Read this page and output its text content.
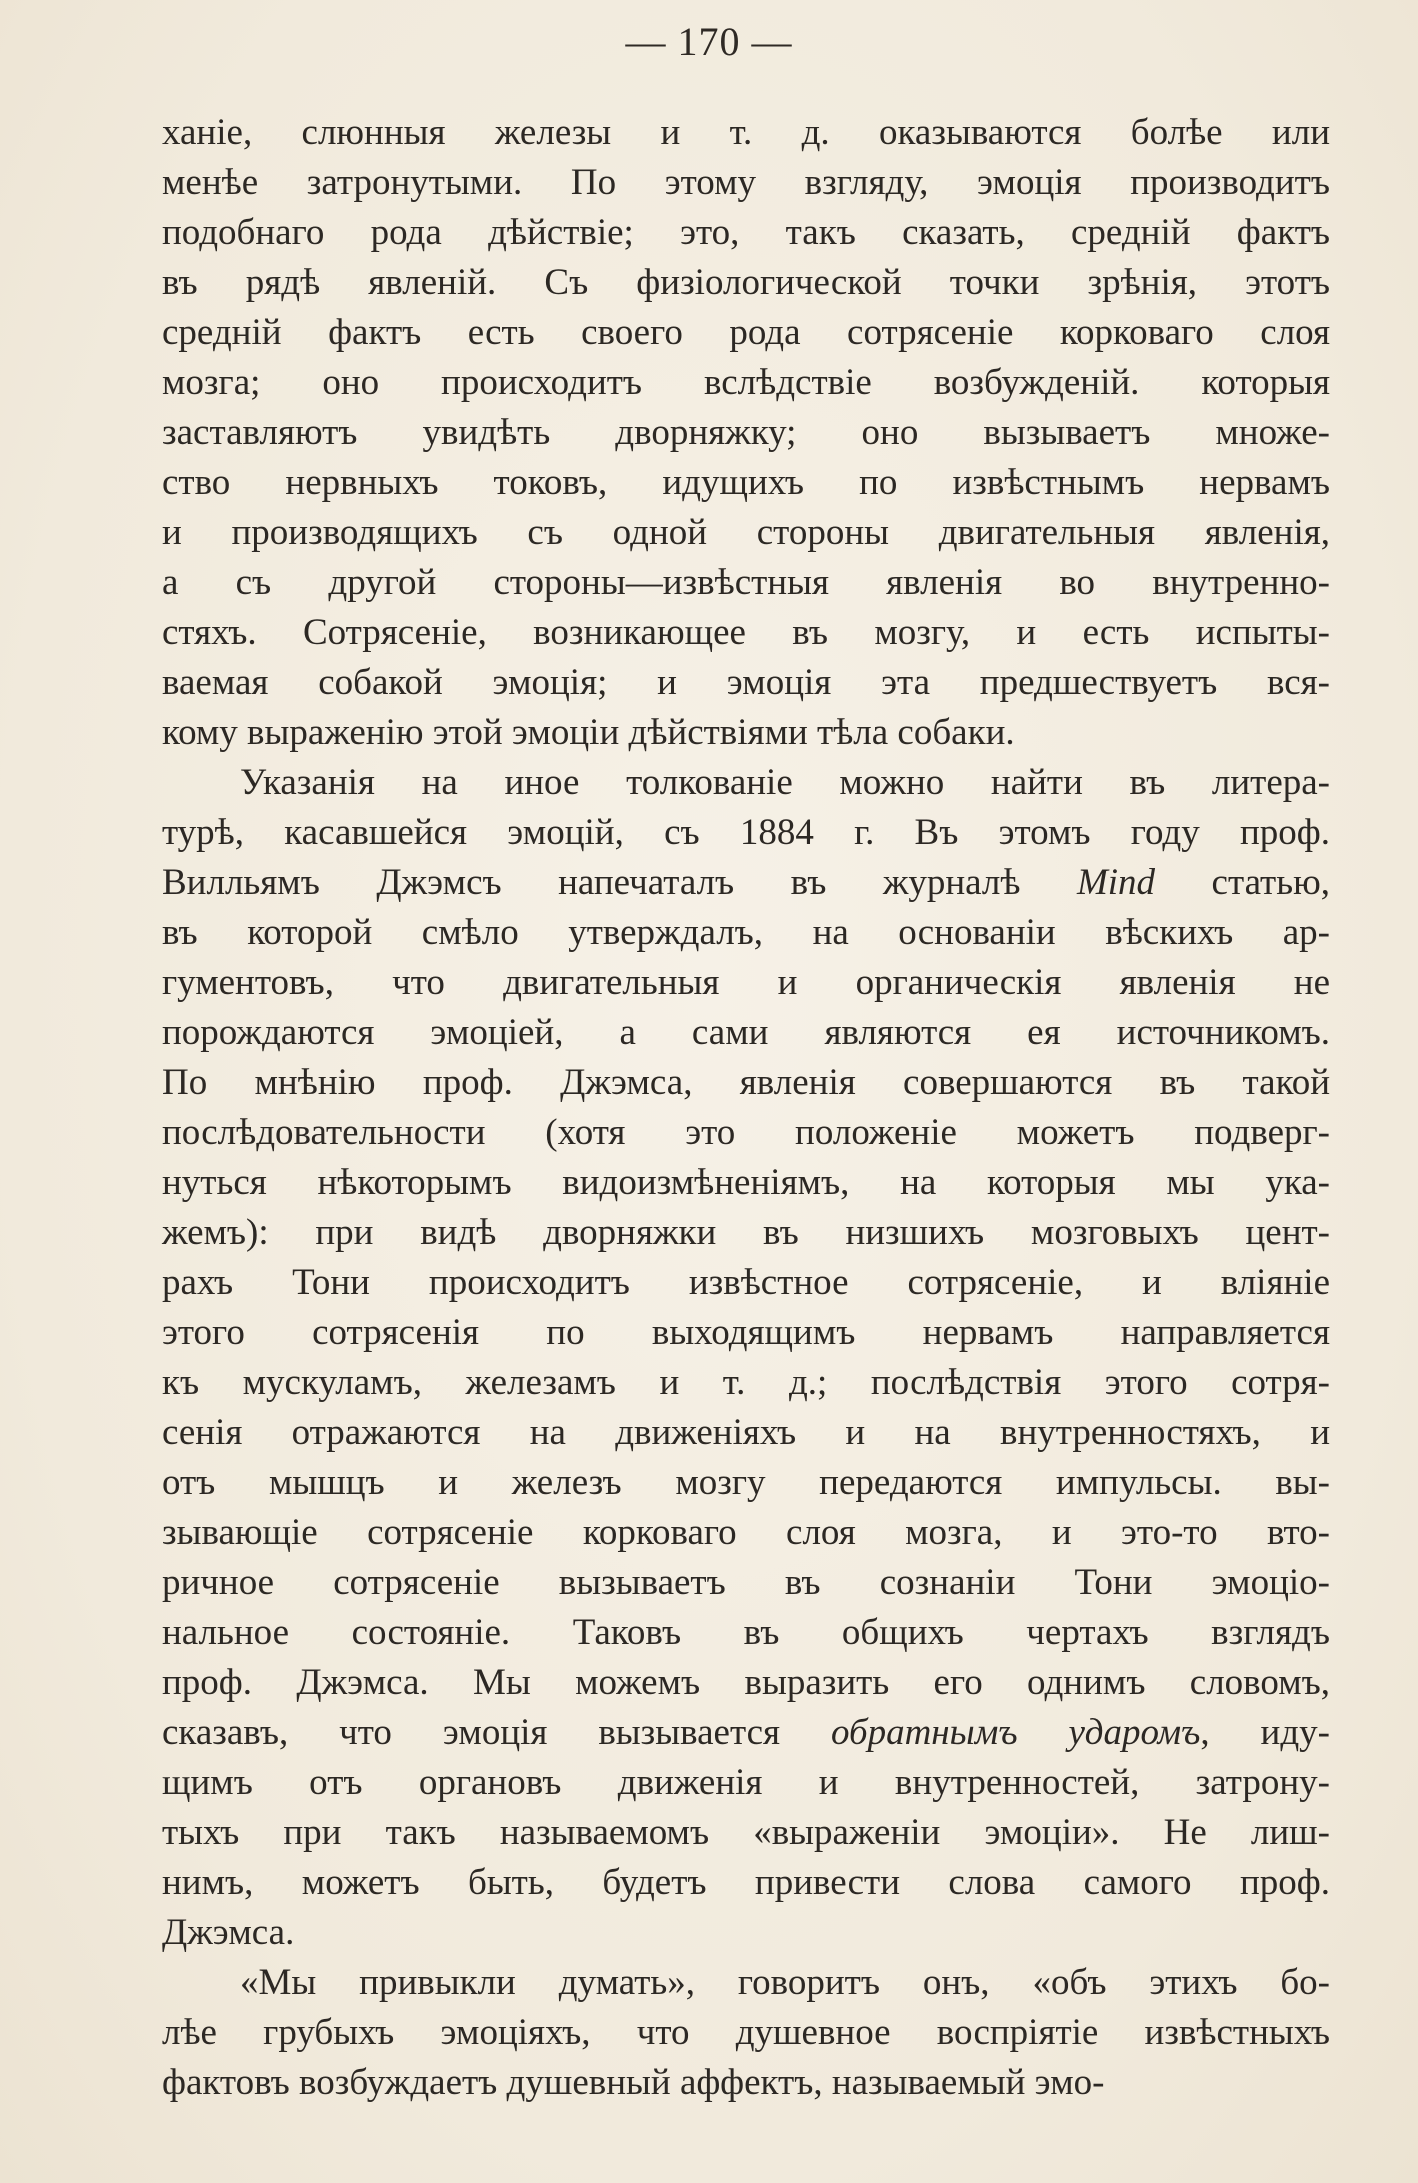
— 170 —
ханіе, слюнныя железы и т. д. оказываются болѣе или
менѣе затронутыми. По этому взгляду, эмоція производитъ
подобнаго рода дѣйствіе; это, такъ сказать, средній фактъ
въ рядѣ явленій. Съ физіологической точки зрѣнія, этотъ
средній фактъ есть своего рода сотрясеніе корковаго слоя
мозга; оно происходитъ вслѣдствіе возбужденій. которыя
заставляютъ увидѣть дворняжку; оно вызываетъ множе-
ство нервныхъ токовъ, идущихъ по извѣстнымъ нервамъ
и производящихъ съ одной стороны двигательныя явленія,
а съ другой стороны—извѣстныя явленія во внутренно-
стяхъ. Сотрясеніе, возникающее въ мозгу, и есть испыты-
ваемая собакой эмоція; и эмоція эта предшествуетъ вся-
кому выраженію этой эмоціи дѣйствіями тѣла собаки.
Указанія на иное толкованіе можно найти въ литера-
турѣ, касавшейся эмоцій, съ 1884 г. Въ этомъ году проф.
Вилльямъ Джэмсъ напечаталъ въ журналѣ Mind статью,
въ которой смѣло утверждалъ, на основаніи вѣскихъ ар-
гументовъ, что двигательныя и органическія явленія не
порождаются эмоціей, а сами являются ея источникомъ.
По мнѣнію проф. Джэмса, явленія совершаются въ такой
послѣдовательности (хотя это положеніе можетъ подверг-
нуться нѣкоторымъ видоизмѣненіямъ, на которыя мы ука-
жемъ): при видѣ дворняжки въ низшихъ мозговыхъ цент-
рахъ Тони происходитъ извѣстное сотрясеніе, и вліяніе
этого сотрясенія по выходящимъ нервамъ направляется
къ мускуламъ, железамъ и т. д.; послѣдствія этого сотря-
сенія отражаются на движеніяхъ и на внутренностяхъ, и
отъ мышцъ и железъ мозгу передаются импульсы. вы-
зывающіе сотрясеніе корковаго слоя мозга, и это-то вто-
ричное сотрясеніе вызываетъ въ сознаніи Тони эмоціо-
нальное состояніе. Таковъ въ общихъ чертахъ взглядъ
проф. Джэмса. Мы можемъ выразить его однимъ словомъ,
сказавъ, что эмоція вызывается обратнымъ ударомъ, иду-
щимъ отъ органовъ движенія и внутренностей, затрону-
тыхъ при такъ называемомъ «выраженіи эмоціи». Не лиш-
нимъ, можетъ быть, будетъ привести слова самого проф.
Джэмса.
«Мы привыкли думать», говоритъ онъ, «объ этихъ бо-
лѣе грубыхъ эмоціяхъ, что душевное воспріятіе извѣстныхъ
фактовъ возбуждаетъ душевный аффектъ, называемый эмо-
